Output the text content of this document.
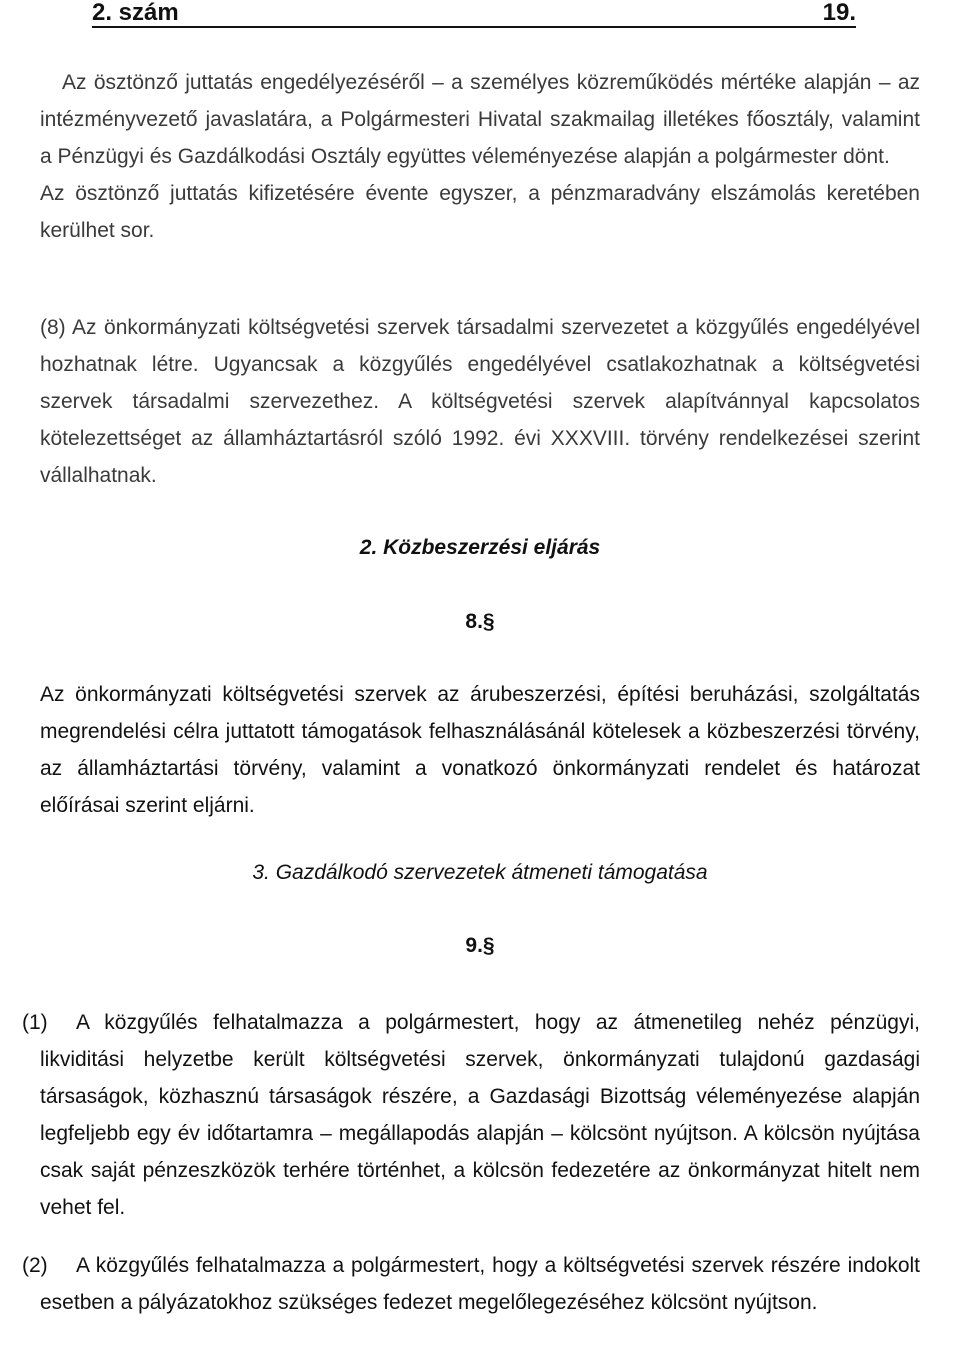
2. szám	19.

Az ösztönző juttatás engedélyezéséről – a személyes közreműködés mértéke alapján – az intézményvezető javaslatára, a Polgármesteri Hivatal szakmailag illetékes főosztály, valamint a Pénzügyi és Gazdálkodási Osztály együttes véleményezése alapján a polgármester dönt.

Az ösztönző juttatás kifizetésére évente egyszer, a pénzmaradvány elszámolás keretében kerülhet sor.

(8) Az önkormányzati költségvetési szervek társadalmi szervezetet a közgyűlés engedélyével hozhatnak létre. Ugyancsak a közgyűlés engedélyével csatlakozhatnak a költségvetési szervek társadalmi szervezethez. A költségvetési szervek alapítvánnyal kapcsolatos kötelezettséget az államháztartásról szóló 1992. évi XXXVIII. törvény rendelkezései szerint vállalhatnak.

2. Közbeszerzési eljárás
8.§

Az önkormányzati költségvetési szervek az árubeszerzési, építési beruházási, szolgáltatás megrendelési célra juttatott támogatások felhasználásánál kötelesek a közbeszerzési törvény, az államháztartási törvény, valamint a vonatkozó önkormányzati rendelet és határozat előírásai szerint eljárni.

3. Gazdálkodó szervezetek átmeneti támogatása
9.§
(1)	A közgyűlés felhatalmazza a polgármestert, hogy az átmenetileg nehéz pénzügyi, likviditási helyzetbe került költségvetési szervek, önkormányzati tulajdonú gazdasági társaságok, közhasznú társaságok részére, a Gazdasági Bizottság véleményezése alapján legfeljebb egy év időtartamra – megállapodás alapján – kölcsönt nyújtson. A kölcsön nyújtása csak saját pénzeszközök terhére történhet, a kölcsön fedezetére az önkormányzat hitelt nem vehet fel.

(2)	A közgyűlés felhatalmazza a polgármestert, hogy a költségvetési szervek részére indokolt esetben a pályázatokhoz szükséges fedezet megelőlegezéséhez kölcsönt nyújtson.
